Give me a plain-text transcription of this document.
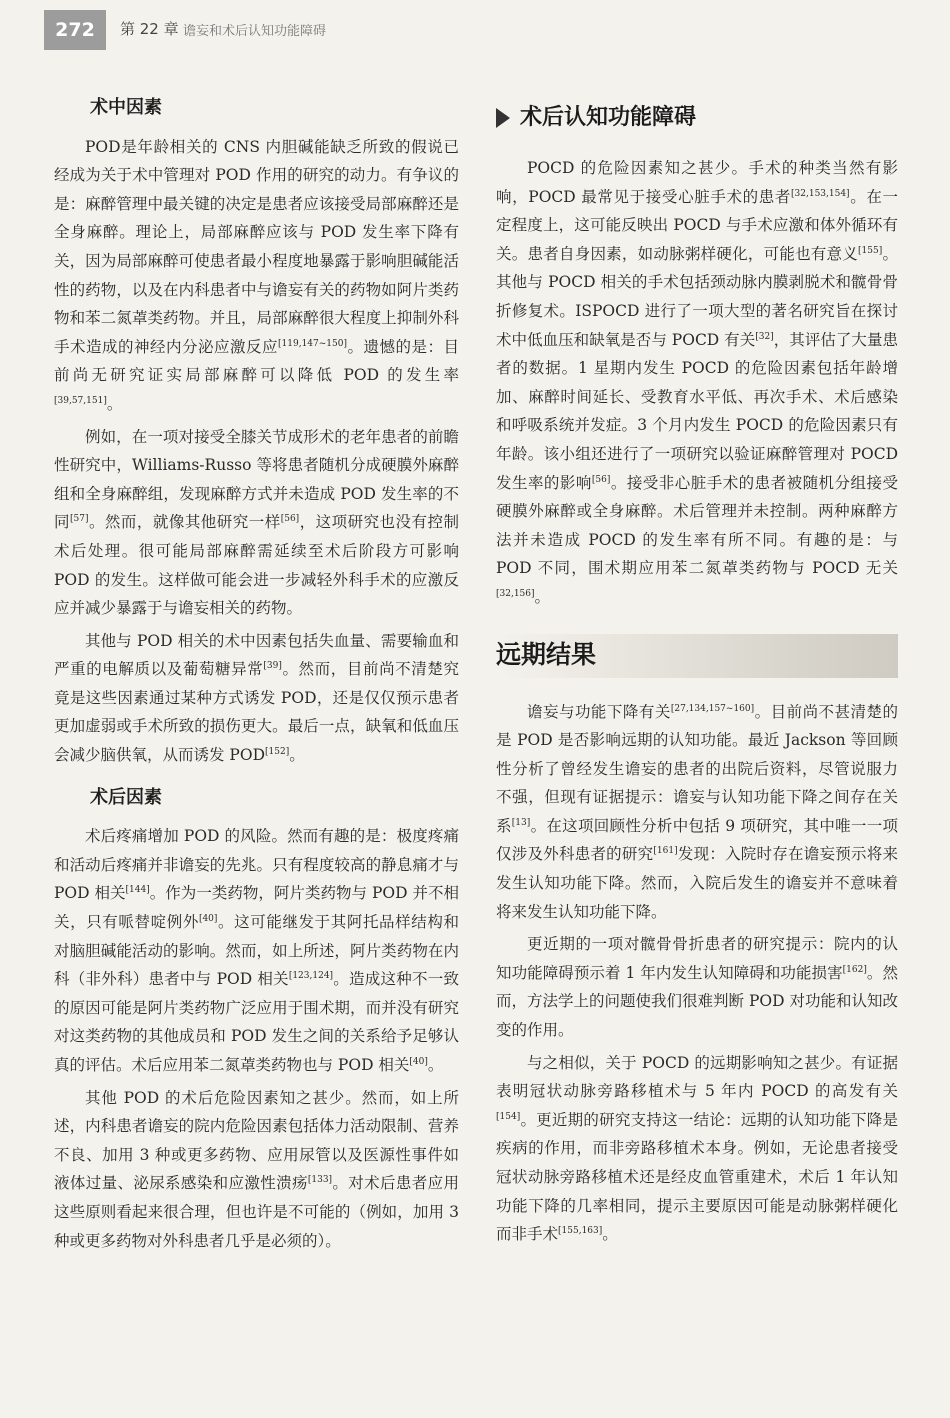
272	第 22 章 谵妄和术后认知功能障碍
术中因素

POD是年龄相关的 CNS 内胆碱能缺乏所致的假说已经成为关于术中管理对 POD 作用的研究的动力。有争议的是：麻醉管理中最关键的决定是患者应该接受局部麻醉还是全身麻醉。理论上，局部麻醉应该与 POD 发生率下降有关，因为局部麻醉可使患者最小程度地暴露于影响胆碱能活性的药物，以及在内科患者中与谵妄有关的药物如阿片类药物和苯二氮䓬类药物。并且，局部麻醉很大程度上抑制外科手术造成的神经内分泌应激反应[119,147~150]。遗憾的是：目前尚无研究证实局部麻醉可以降低 POD 的发生率[39,57,151]。

例如，在一项对接受全膝关节成形术的老年患者的前瞻性研究中，Williams-Russo 等将患者随机分成硬膜外麻醉组和全身麻醉组，发现麻醉方式并未造成 POD 发生率的不同[57]。然而，就像其他研究一样[56]，这项研究也没有控制术后处理。很可能局部麻醉需延续至术后阶段方可影响 POD 的发生。这样做可能会进一步减轻外科手术的应激反应并减少暴露于与谵妄相关的药物。

其他与 POD 相关的术中因素包括失血量、需要输血和严重的电解质以及葡萄糖异常[39]。然而，目前尚不清楚究竟是这些因素通过某种方式诱发 POD，还是仅仅预示患者更加虚弱或手术所致的损伤更大。最后一点，缺氧和低血压会减少脑供氧，从而诱发 POD[152]。

术后因素

术后疼痛增加 POD 的风险。然而有趣的是：极度疼痛和活动后疼痛并非谵妄的先兆。只有程度较高的静息痛才与 POD 相关[144]。作为一类药物，阿片类药物与 POD 并不相关，只有哌替啶例外[40]。这可能继发于其阿托品样结构和对脑胆碱能活动的影响。然而，如上所述，阿片类药物在内科（非外科）患者中与 POD 相关[123,124]。造成这种不一致的原因可能是阿片类药物广泛应用于围术期，而并没有研究对这类药物的其他成员和 POD 发生之间的关系给予足够认真的评估。术后应用苯二氮䓬类药物也与 POD 相关[40]。

其他 POD 的术后危险因素知之甚少。然而，如上所述，内科患者谵妄的院内危险因素包括体力活动限制、营养不良、加用 3 种或更多药物、应用尿管以及医源性事件如液体过量、泌尿系感染和应激性溃疡[133]。对术后患者应用这些原则看起来很合理，但也许是不可能的（例如，加用 3 种或更多药物对外科患者几乎是必须的）。

术后认知功能障碍

POCD 的危险因素知之甚少。手术的种类当然有影响，POCD 最常见于接受心脏手术的患者[32,153,154]。在一定程度上，这可能反映出 POCD 与手术应激和体外循环有关。患者自身因素，如动脉粥样硬化，可能也有意义[155]。其他与 POCD 相关的手术包括颈动脉内膜剥脱术和髋骨骨折修复术。ISPOCD 进行了一项大型的著名研究旨在探讨术中低血压和缺氧是否与 POCD 有关[32]，其评估了大量患者的数据。1 星期内发生 POCD 的危险因素包括年龄增加、麻醉时间延长、受教育水平低、再次手术、术后感染和呼吸系统并发症。3 个月内发生 POCD 的危险因素只有年龄。该小组还进行了一项研究以验证麻醉管理对 POCD 发生率的影响[56]。接受非心脏手术的患者被随机分组接受硬膜外麻醉或全身麻醉。术后管理并未控制。两种麻醉方法并未造成 POCD 的发生率有所不同。有趣的是：与 POD 不同，围术期应用苯二氮䓬类药物与 POCD 无关[32,156]。

远期结果

谵妄与功能下降有关[27,134,157~160]。目前尚不甚清楚的是 POD 是否影响远期的认知功能。最近 Jackson 等回顾性分析了曾经发生谵妄的患者的出院后资料，尽管说服力不强，但现有证据提示：谵妄与认知功能下降之间存在关系[13]。在这项回顾性分析中包括 9 项研究，其中唯一一项仅涉及外科患者的研究[161]发现：入院时存在谵妄预示将来发生认知功能下降。然而，入院后发生的谵妄并不意味着将来发生认知功能下降。

更近期的一项对髋骨骨折患者的研究提示：院内的认知功能障碍预示着 1 年内发生认知障碍和功能损害[162]。然而，方法学上的问题使我们很难判断 POD 对功能和认知改变的作用。

与之相似，关于 POCD 的远期影响知之甚少。有证据表明冠状动脉旁路移植术与 5 年内 POCD 的高发有关[154]。更近期的研究支持这一结论：远期的认知功能下降是疾病的作用，而非旁路移植术本身。例如，无论患者接受冠状动脉旁路移植术还是经皮血管重建术，术后 1 年认知功能下降的几率相同，提示主要原因可能是动脉粥样硬化而非手术[155,163]。
